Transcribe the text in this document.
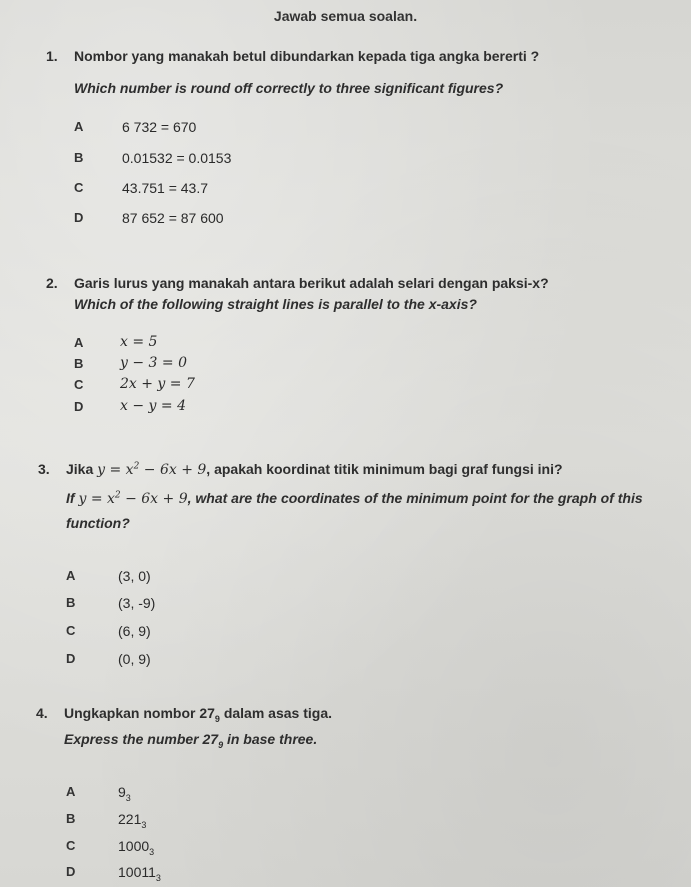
Jawab semua soalan.
1. Nombor yang manakah betul dibundarkan kepada tiga angka bererti ?
Which number is round off correctly to three significant figures?
A	6 732 = 670
B	0.01532 = 0.0153
C	43.751 = 43.7
D	87 652 = 87 600
2. Garis lurus yang manakah antara berikut adalah selari dengan paksi-x?
Which of the following straight lines is parallel to the x-axis?
A	x = 5
B	y − 3 = 0
C	2x + y = 7
D	x − y = 4
3. Jika $y = x^2 - 6x + 9$, apakah koordinat titik minimum bagi graf fungsi ini?
If $y = x^2 - 6x + 9$, what are the coordinates of the minimum point for the graph of this
function?
A	(3, 0)
B	(3, -9)
C	(6, 9)
D	(0, 9)
4. Ungkapkan nombor $27_9$ dalam asas tiga.
Express the number $27_9$ in base three.
A	$9_3$
B	$221_3$
C	$1000_3$
D	$10011_3$
